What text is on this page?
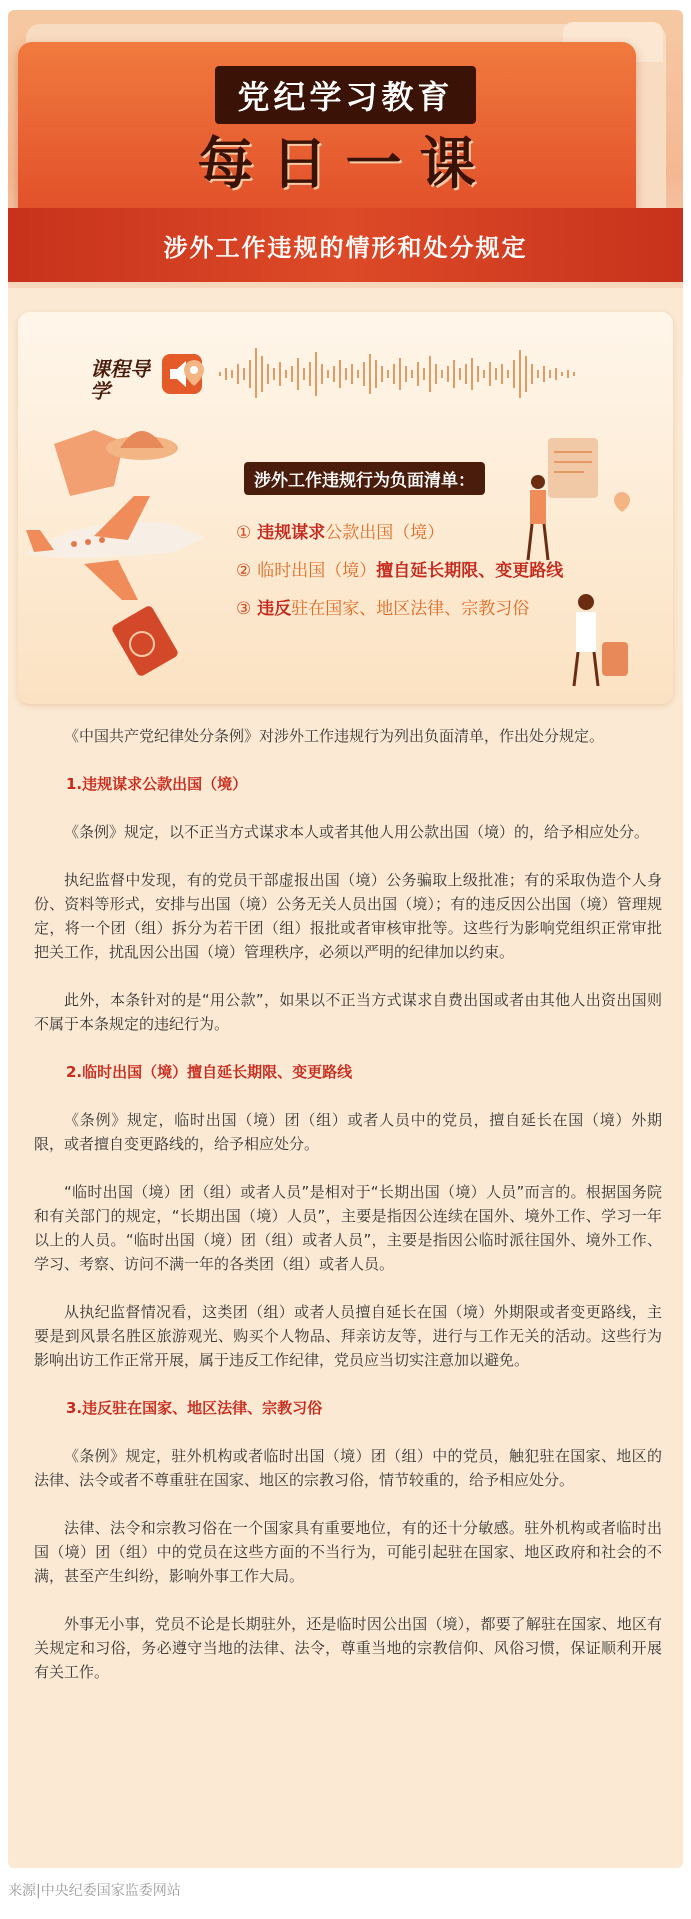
党纪学习教育
每日一课
涉外工作违规的情形和处分规定
课程导学
涉外工作违规行为负面清单：
① 违规谋求公款出国（境）
② 临时出国（境）擅自延长期限、变更路线
③ 违反驻在国家、地区法律、宗教习俗

《中国共产党纪律处分条例》对涉外工作违规行为列出负面清单，作出处分规定。

1.违规谋求公款出国（境）

《条例》规定，以不正当方式谋求本人或者其他人用公款出国（境）的，给予相应处分。

执纪监督中发现，有的党员干部虚报出国（境）公务骗取上级批准；有的采取伪造个人身份、资料等形式，安排与出国（境）公务无关人员出国（境）；有的违反因公出国（境）管理规定，将一个团（组）拆分为若干团（组）报批或者审核审批等。这些行为影响党组织正常审批把关工作，扰乱因公出国（境）管理秩序，必须以严明的纪律加以约束。

此外，本条针对的是“用公款”，如果以不正当方式谋求自费出国或者由其他人出资出国则不属于本条规定的违纪行为。

2.临时出国（境）擅自延长期限、变更路线

《条例》规定，临时出国（境）团（组）或者人员中的党员，擅自延长在国（境）外期限，或者擅自变更路线的，给予相应处分。

“临时出国（境）团（组）或者人员”是相对于“长期出国（境）人员”而言的。根据国务院和有关部门的规定，“长期出国（境）人员”，主要是指因公连续在国外、境外工作、学习一年以上的人员。“临时出国（境）团（组）或者人员”，主要是指因公临时派往国外、境外工作、学习、考察、访问不满一年的各类团（组）或者人员。

从执纪监督情况看，这类团（组）或者人员擅自延长在国（境）外期限或者变更路线，主要是到风景名胜区旅游观光、购买个人物品、拜亲访友等，进行与工作无关的活动。这些行为影响出访工作正常开展，属于违反工作纪律，党员应当切实注意加以避免。

3.违反驻在国家、地区法律、宗教习俗

《条例》规定，驻外机构或者临时出国（境）团（组）中的党员，触犯驻在国家、地区的法律、法令或者不尊重驻在国家、地区的宗教习俗，情节较重的，给予相应处分。

法律、法令和宗教习俗在一个国家具有重要地位，有的还十分敏感。驻外机构或者临时出国（境）团（组）中的党员在这些方面的不当行为，可能引起驻在国家、地区政府和社会的不满，甚至产生纠纷，影响外事工作大局。

外事无小事，党员不论是长期驻外，还是临时因公出国（境），都要了解驻在国家、地区有关规定和习俗，务必遵守当地的法律、法令，尊重当地的宗教信仰、风俗习惯，保证顺利开展有关工作。

来源|中央纪委国家监委网站
